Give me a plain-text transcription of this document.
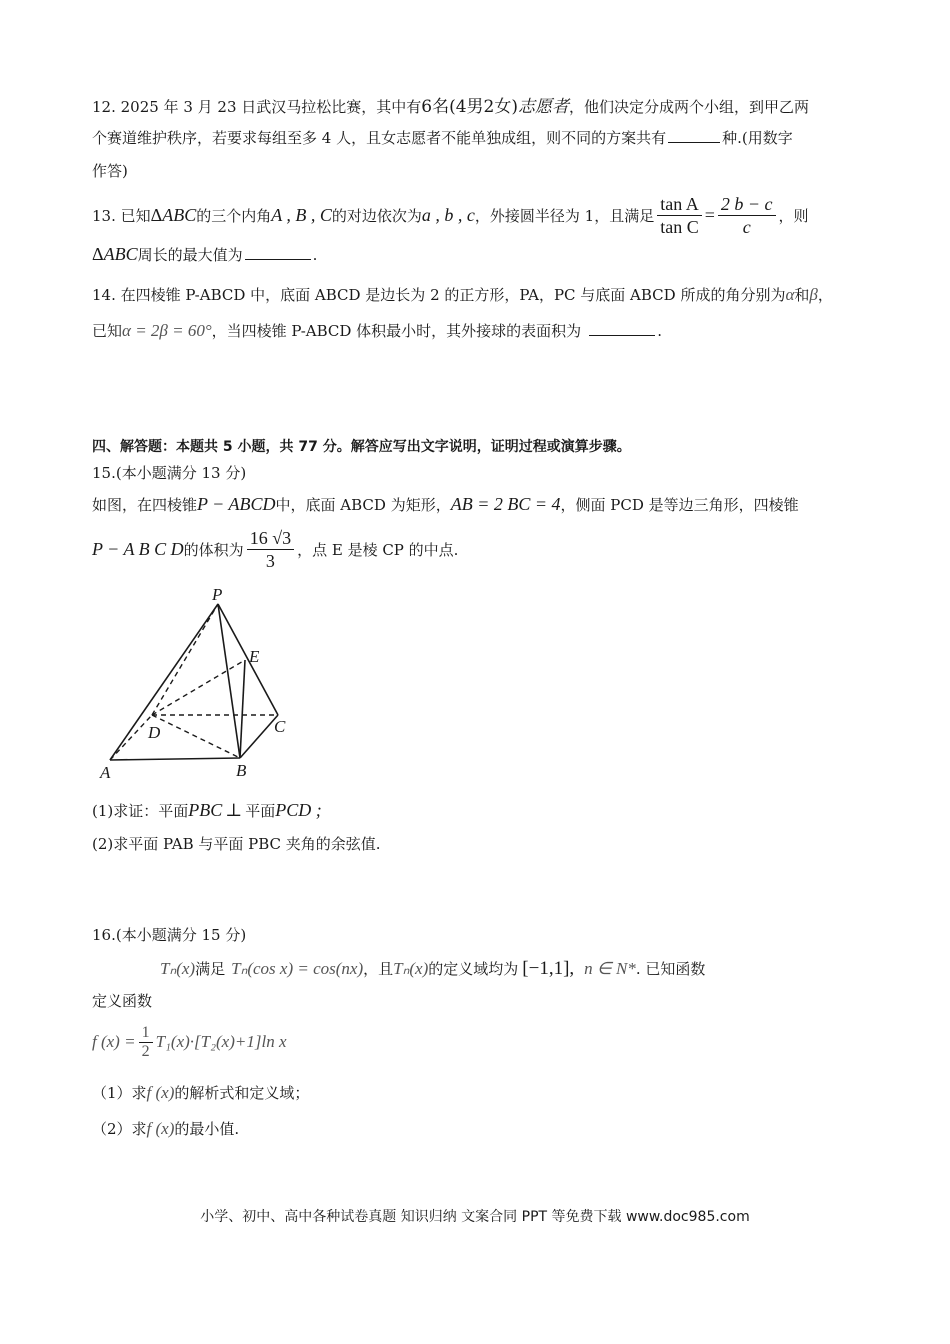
12. 2025 年 3 月 23 日武汉马拉松比赛，其中有6名(4男2女)志愿者，他们决定分成两个小组，到甲乙两
个赛道维护秩序，若要求每组至多 4 人，且女志愿者不能单独成组，则不同的方案共有	种.(用数字
作答)
13. 已知 Δ ABC 的三个内角 A , B , C 的对边依次为 a , b , c ，外接圆半径为 1，且满足 $\frac{\text{tan A}}{\text{tan C}} = \frac{2 b - c}{c}$ ，则
ΔABC周长的最大值为	.
14. 在四棱锥 P-ABCD 中，底面 ABCD 是边长为 2 的正方形，PA，PC 与底面 ABCD 所成的角分别为α和β，
已知α = 2β = 60°，当四棱锥 P-ABCD 体积最小时，其外接球的表面积为	.
四、解答题：本题共 5 小题，共 77 分。解答应写出文字说明，证明过程或演算步骤。
15.(本小题满分 13 分)
如图，在四棱锥P − ABCD中，底面 ABCD 为矩形，AB = 2 BC = 4，侧面 PCD 是等边三角形，四棱锥
P − A B C D 的体积为 $\frac{16 √3}{3}$ ，点 E 是棱 CP 的中点.
P
E
D	C
A	B
(1)求证：平面PBC ⊥ 平面PCD ;
(2)求平面 PAB 与平面 PBC 夹角的余弦值.
16.(本小题满分 15 分)
Tₙ(x)满足 Tₙ(cos x) = cos(nx)，且Tₙ(x)的定义域均为 [−1,1], n ∈ N*. 已知函数
定义函数
f $(x) = \frac{1}{2} T_1(x)\cdot[T_2(x)+1]\ln$ x
（1）求f (x)的解析式和定义域；
（2）求f (x)的最小值.
小学、初中、高中各种试卷真题 知识归纳 文案合同 PPT 等免费下载 www.doc985.com
